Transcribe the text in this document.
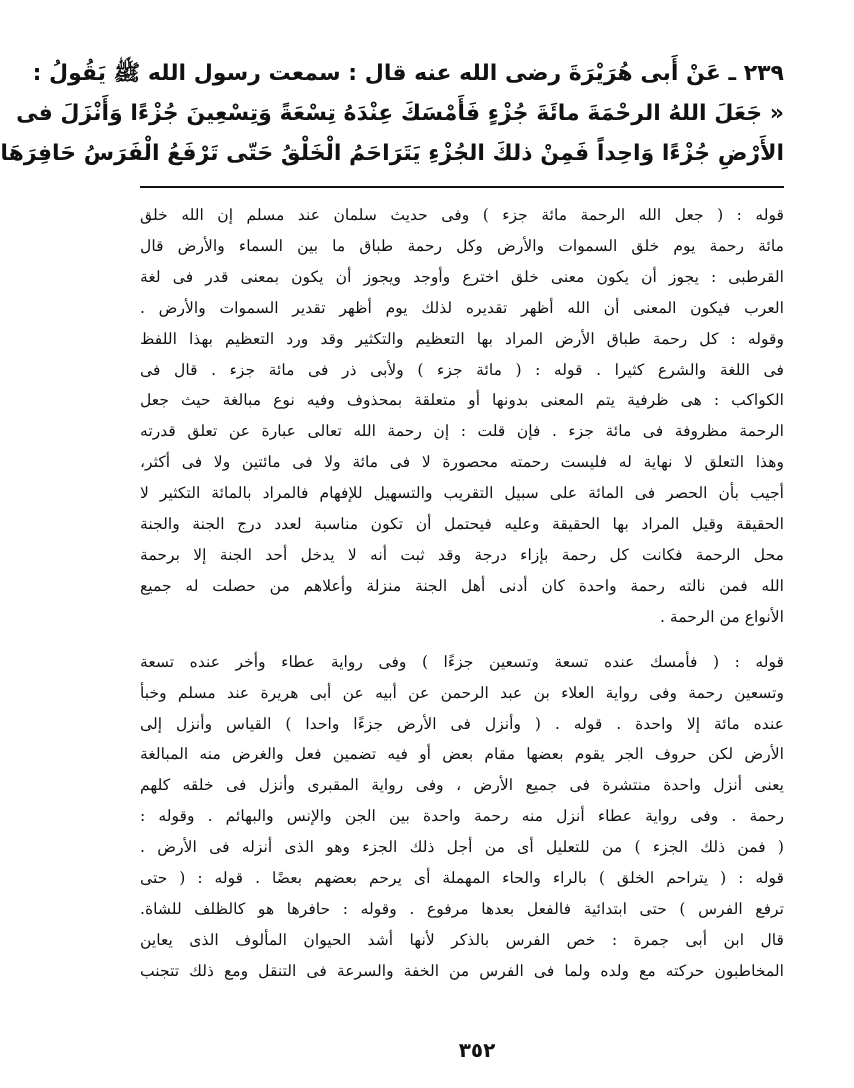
٢٣٩ ـ عَنْ أَبى هُرَيْرَةَ رضى الله عنه قال : سمعت رسول الله ﷺ يَقُولُ :
« جَعَلَ اللهُ الرحْمَةَ مائَةَ جُزْءٍ فَأَمْسَكَ عِنْدَهُ تِسْعَةً وَتِسْعِينَ جُزْءًا وَأَنْزَلَ فى
الأَرْضِ جُزْءًا وَاحِداً فَمِنْ ذلكَ الجُزْءِ يَتَرَاحَمُ الْخَلْقُ حَتّى تَرْفَعُ الْفَرَسُ حَافِرَهَا

قوله : ( جعل الله الرحمة مائة جزء ) وفى حديث سلمان عند مسلم إن الله خلق
مائة رحمة يوم خلق السموات والأرض وكل رحمة طباق ما بين السماء والأرض قال
القرطبى : يجوز أن يكون معنى خلق اخترع وأوجد ويجوز أن يكون بمعنى قدر فى لغة
العرب فيكون المعنى أن الله أظهر تقديره لذلك يوم أظهر تقدير السموات والأرض .
وقوله : كل رحمة طباق الأرض المراد بها التعظيم والتكثير وقد ورد التعظيم بهذا اللفظ
فى اللغة والشرع كثيرا . قوله : ( مائة جزء ) ولأبى ذر فى مائة جزء . قال فى
الكواكب : هى ظرفية يتم المعنى بدونها أو متعلقة بمحذوف وفيه نوع مبالغة حيث جعل
الرحمة مظروفة فى مائة جزء . فإن قلت : إن رحمة الله تعالى عبارة عن تعلق قدرته
وهذا التعلق لا نهاية له فليست رحمته محصورة لا فى مائة ولا فى مائتين ولا فى أكثر،
أجيب بأن الحصر فى المائة على سبيل التقريب والتسهيل للإفهام فالمراد بالمائة التكثير لا
الحقيقة وقيل المراد بها الحقيقة وعليه فيحتمل أن تكون مناسبة لعدد درج الجنة والجنة
محل الرحمة فكانت كل رحمة بإزاء درجة وقد ثبت أنه لا يدخل أحد الجنة إلا برحمة
الله فمن نالته رحمة واحدة كان أدنى أهل الجنة منزلة وأعلاهم من حصلت له جميع
الأنواع من الرحمة .

قوله : ( فأمسك عنده تسعة وتسعين جزءًا ) وفى رواية عطاء وأخر عنده تسعة
وتسعين رحمة وفى رواية العلاء بن عبد الرحمن عن أبيه عن أبى هريرة عند مسلم وخبأ
عنده مائة إلا واحدة . قوله . ( وأنزل فى الأرض جزءًا واحدا ) القياس وأنزل إلى
الأرض لكن حروف الجر يقوم بعضها مقام بعض أو فيه تضمين فعل والغرض منه المبالغة
يعنى أنزل واحدة منتشرة فى جميع الأرض ، وفى رواية المقبرى وأنزل فى خلقه كلهم
رحمة . وفى رواية عطاء أنزل منه رحمة واحدة بين الجن والإنس والبهائم . وقوله :
( فمن ذلك الجزء ) من للتعليل أى من أجل ذلك الجزء وهو الذى أنزله فى الأرض .
قوله : ( يتراحم الخلق ) بالراء والحاء المهملة أى يرحم بعضهم بعضًا . قوله : ( حتى
ترفع الفرس ) حتى ابتدائية فالفعل بعدها مرفوع . وقوله : حافرها هو كالظلف للشاة.
قال ابن أبى جمرة : خص الفرس بالذكر لأنها أشد الحيوان المألوف الذى يعاين
المخاطبون حركته مع ولده ولما فى الفرس من الخفة والسرعة فى التنقل ومع ذلك تتجنب

٣٥٢
